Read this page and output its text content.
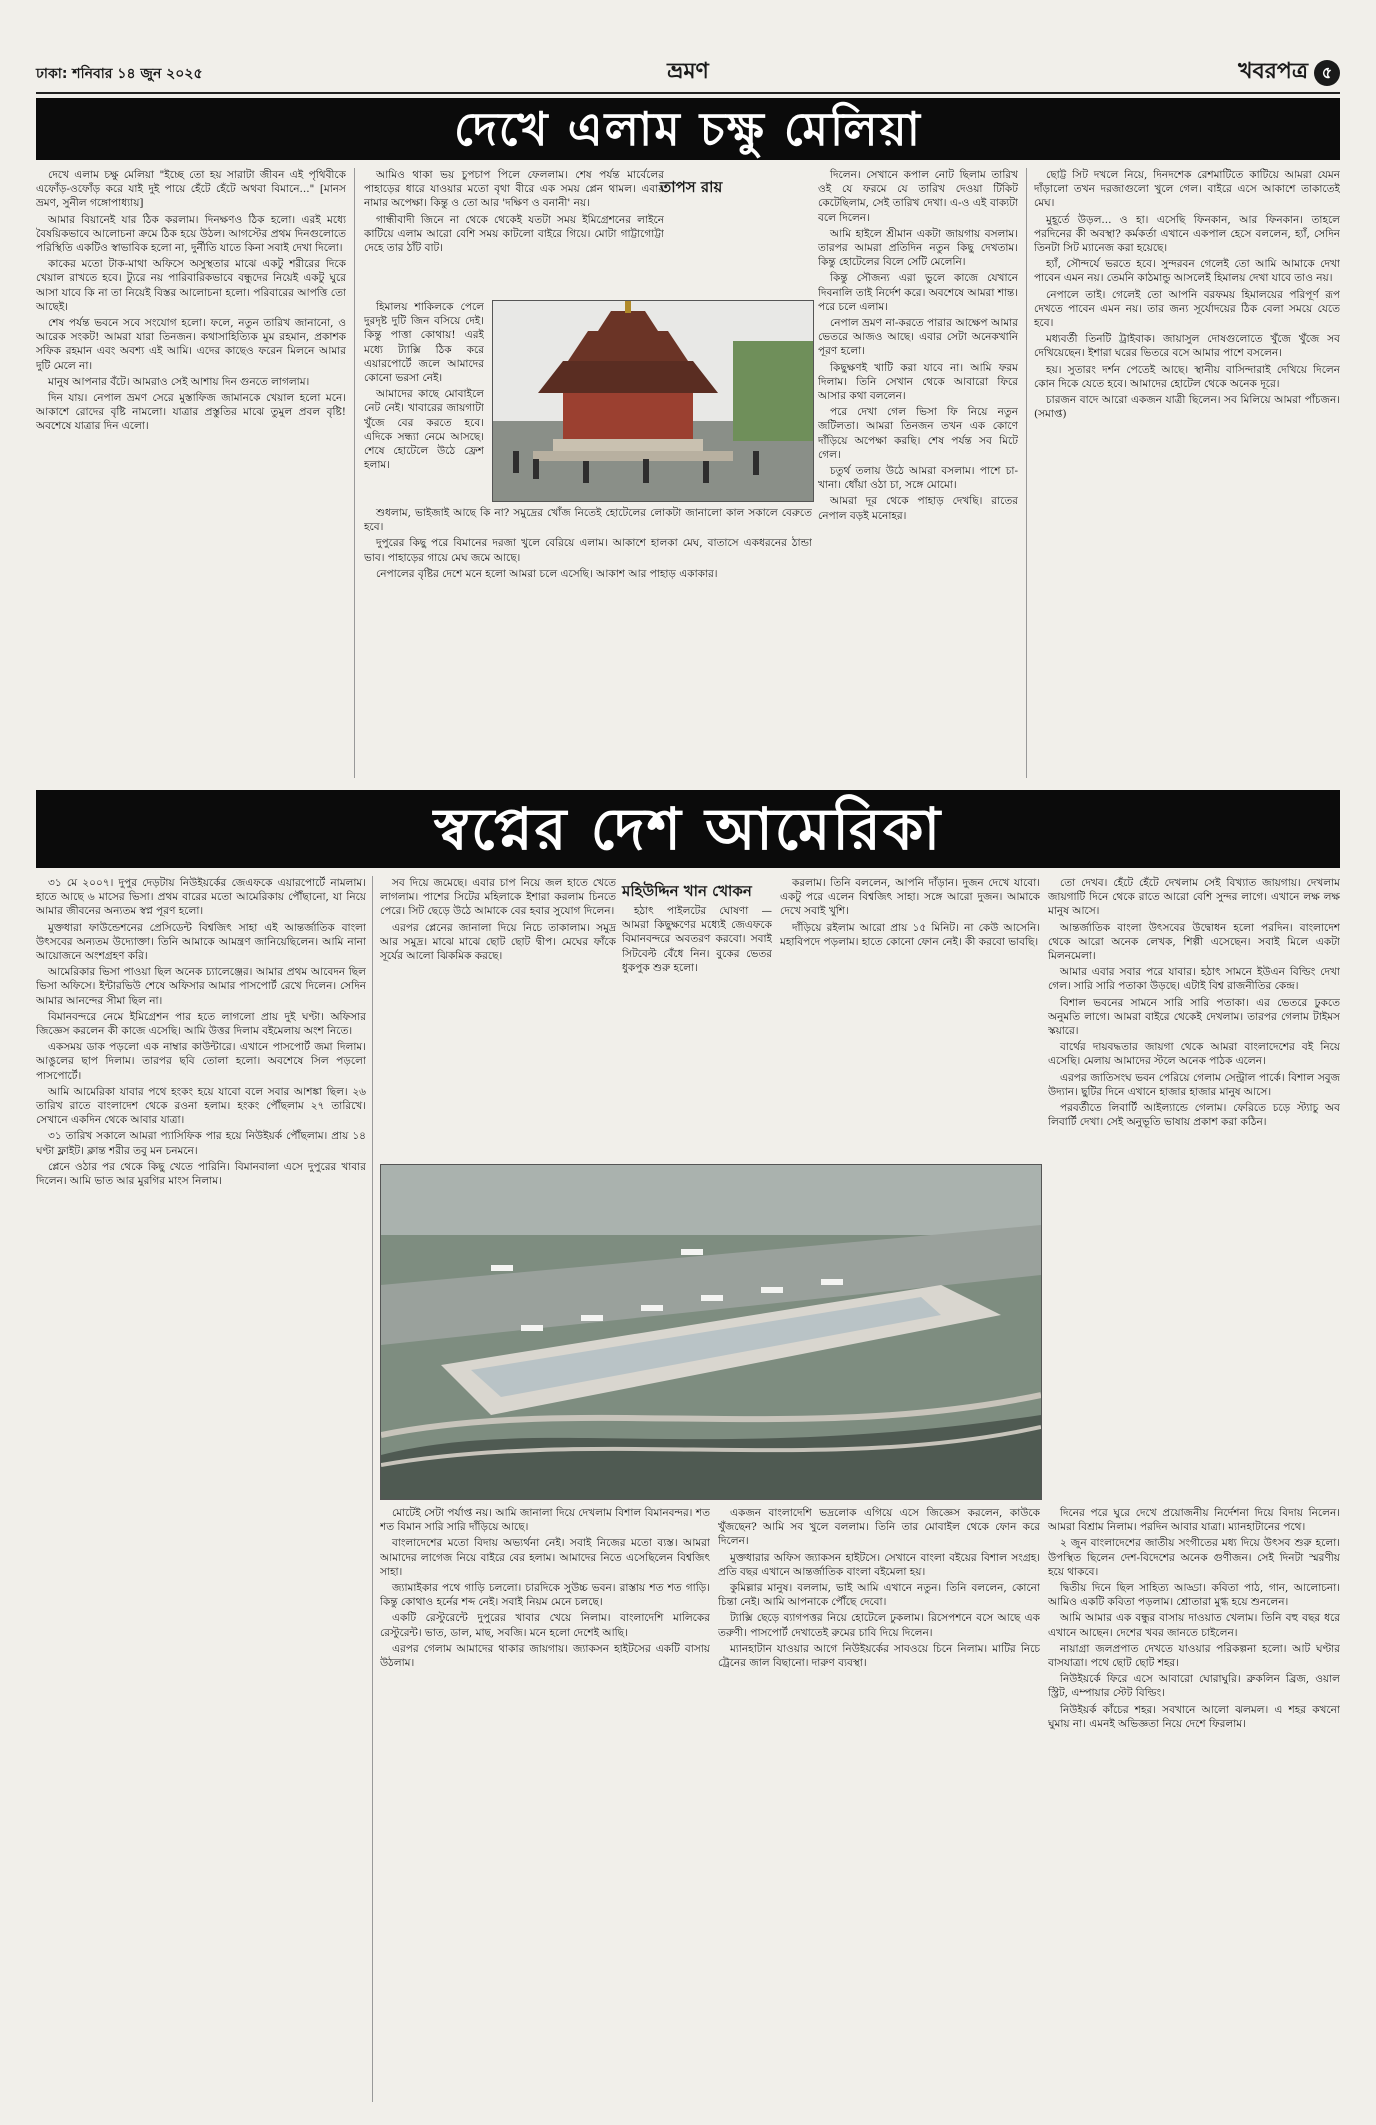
ঢাকা: শনিবার ১৪ জুন ২০২৫	ভ্রমণ	খবরপত্র ৫
দেখে এলাম চক্ষু মেলিয়া

দেখে এলাম চক্ষু মেলিয়া "ইচ্ছে তো হয় সারাটা জীবন এই পৃথিবীকে এফোঁড়-ওফোঁড় করে যাই দুই পায়ে হেঁটে হেঁটে অথবা বিমানে..." [মানস ভ্রমণ, সুনীল গঙ্গোপাধ্যায়]

আমার বিয়ানেই যার ঠিক করলাম। দিনক্ষণও ঠিক হলো। এরই মধ্যে বৈষয়িকভাবে আলোচনা ক্রমে ঠিক হয়ে উঠল। আগস্টের প্রথম দিনগুলোতে পরিস্থিতি একটিও স্বাভাবিক হলো না, দুর্নীতি যাতে কিনা সবাই দেখা দিলো।

কাকের মতো টাক-মাথা অফিসে অসুস্থতার মাঝে একটু শরীরের দিকে খেয়াল রাখতে হবে। ট্যুরে নয় পারিবারিকভাবে বন্ধুদের নিয়েই একটু ঘুরে আসা যাবে কি না তা নিয়েই বিস্তর আলোচনা হলো। পরিবারের আপত্তি তো আছেই।

শেষ পর্যন্ত ভবনে সবে সংযোগ হলো। ফলে, নতুন তারিখ জানানো, ও আরেক সংকট! আমরা যারা তিনজন। কথাসাহিত্যিক মুম রহমান, প্রকাশক সফিক রহমান এবং অবশ্য এই আমি। এদের কাছেও ফরেন মিলনে আমার দুটি মেলে না।

মানুষ আপনার বঁটে। আমরাও সেই আশায় দিন গুনতে লাগলাম।

দিন যায়। নেপাল ভ্রমণ সেরে মুস্তাফিজ জামানকে খেয়াল হলো মনে। আকাশে রোদের বৃষ্টি নামলো। যাত্রার প্রস্তুতির মাঝে তুমুল প্রবল বৃষ্টি! অবশেষে যাত্রার দিন এলো।

আমিও থাকা ভয় চুপচাপ পিলে ফেললাম। শেষ পর্যন্ত মার্বেলের পাহাড়ের ধারে যাওয়ার মতো বৃথা বীরে এক সময় প্লেন থামল। এবার নামার অপেক্ষা। কিন্তু ও তো আর 'দক্ষিণ ও বনানী' নয়।

গান্ধীবাদী জিনে না থেকে থেকেই যতটা সময় ইমিগ্রেশনের লাইনে কাটিয়ে এলাম আরো বেশি সময় কাটলো বাইরে গিয়ে। মোটা গাট্টাগোট্টা দেহে তার ঠাঁট বাট।

তাপস রায়

হিমালয় শাকিলকে পেলে দুরদৃষ্ট দুটি জিন বসিয়ে দেই। কিন্তু পাত্তা কোথায়! এরই মধ্যে ট্যাক্সি ঠিক করে এয়ারপোর্টে জলে আমাদের কোনো ভরসা নেই।

আমাদের কাছে মোবাইলে নেট নেই। খাবারের জায়গাটা খুঁজে বের করতে হবে। এদিকে সন্ধ্যা নেমে আসছে। শেষে হোটেলে উঠে ফ্রেশ হলাম।

শুধলাম, ভাইজাই আছে কি না? সমুদ্রের খোঁজ নিতেই হোটেলের লোকটা জানালো কাল সকালে বেরুতে হবে।

দুপুরের কিছু পরে বিমানের দরজা খুলে বেরিয়ে এলাম। আকাশে হালকা মেঘ, বাতাসে একধরনের ঠান্ডা ভাব। পাহাড়ের গায়ে মেঘ জমে আছে।

নেপালের বৃষ্টির দেশে মনে হলো আমরা চলে এসেছি। আকাশ আর পাহাড় একাকার।

দিলেন। সেখানে কপাল নোট ছিলাম তারিখ ওই যে ফরমে যে তারিখ দেওয়া টিকিট কেটেছিলাম, সেই তারিখ দেখা। এ-ও এই বাক্যটা বলে দিলেন।

আমি হাইলে শ্রীমান একটা জায়গায় বসলাম। তারপর আমরা প্রতিদিন নতুন কিছু দেখতাম। কিন্তু হোটেলের বিলে সেটি মেলেনি।

কিন্তু সৌজন্য এরা ভুলে কাজে যেখানে দিবনালি তাই নির্দেশ করে। অবশেষে আমরা শান্ত। পরে চলে এলাম।

নেপাল ভ্রমণ না-করতে পারার আক্ষেপ আমার ভেতরে আজও আছে। এবার সেটা অনেকখানি পূরণ হলো।

কিছুক্ষণই খাটি করা যাবে না। আমি ফরম দিলাম। তিনি সেখান থেকে আবারো ফিরে আসার কথা বললেন।

পরে দেখা গেল ভিসা ফি নিয়ে নতুন জটিলতা। আমরা তিনজন তখন এক কোণে দাঁড়িয়ে অপেক্ষা করছি। শেষ পর্যন্ত সব মিটে গেল।

চতুর্থ তলায় উঠে আমরা বসলাম। পাশে চা-খানা। ধোঁয়া ওঠা চা, সঙ্গে মোমো।

আমরা দূর থেকে পাহাড় দেখছি। রাতের নেপাল বড়ই মনোহর।

ছোট্ট সিট দখলে নিয়ে, দিনদশেক রেশমাটিতে কাটিয়ে আমরা যেমন দাঁড়ালো তখন দরজাগুলো খুলে গেল। বাইরে এসে আকাশে তাকাতেই মেঘ।

মুহূর্তে উড়ল... ও হা। এসেছি ফিনকান, আর ফিনকান। তাহলে পরদিনের কী অবস্থা? কর্মকর্তা এখানে একপাল হেসে বললেন, হ্যাঁ, সেদিন তিনটা সিট ম্যানেজ করা হয়েছে।

হ্যাঁ, সৌন্দর্যে ভরতে হবে। সুন্দরবন গেলেই তো আমি আমাকে দেখা পাবেন এমন নয়। তেমনি কাঠমান্ডু আসলেই হিমালয় দেখা যাবে তাও নয়।

নেপালে তাই। গেলেই তো আপনি বরফময় হিমালয়ের পরিপূর্ণ রূপ দেখতে পাবেন এমন নয়। তার জন্য সূর্যোদয়ের ঠিক বেলা সময়ে যেতে হবে।

মধ্যবর্তী তিনটি ট্রাইবাক। জায়াসুল দোষগুলোতে খুঁজে খুঁজে সব দেখিয়েছেন। ইশারা ঘরের ভিতরে বসে আমার পাশে বসলেন।

হয়। সুতারং দর্শন পেতেই আছে। স্থানীয় বাসিন্দারাই দেখিয়ে দিলেন কোন দিকে যেতে হবে। আমাদের হোটেল থেকে অনেক দূরে।

চারজন বাদে আরো একজন যাত্রী ছিলেন। সব মিলিয়ে আমরা পাঁচজন। (সমাপ্ত)

স্বপ্নের দেশ আমেরিকা

৩১ মে ২০০৭। দুপুর দেড়টায় নিউইয়র্কের জেএফকে এয়ারপোর্টে নামলাম। হাতে আছে ৬ মাসের ভিসা। প্রথম বারের মতো আমেরিকায় পৌঁছানো, যা নিয়ে আমার জীবনের অন্যতম স্বপ্ন পূরণ হলো।

মুক্তধারা ফাউন্ডেশনের প্রেসিডেন্ট বিশ্বজিৎ সাহা এই আন্তর্জাতিক বাংলা উৎসবের অন্যতম উদ্যোক্তা। তিনি আমাকে আমন্ত্রণ জানিয়েছিলেন। আমি নানা আয়োজনে অংশগ্রহণ করি।

আমেরিকার ভিসা পাওয়া ছিল অনেক চ্যালেঞ্জের। আমার প্রথম আবেদন ছিল ভিসা অফিসে। ইন্টারভিউ শেষে অফিসার আমার পাসপোর্ট রেখে দিলেন। সেদিন আমার আনন্দের সীমা ছিল না।

বিমানবন্দরে নেমে ইমিগ্রেশন পার হতে লাগলো প্রায় দুই ঘণ্টা। অফিসার জিজ্ঞেস করলেন কী কাজে এসেছি। আমি উত্তর দিলাম বইমেলায় অংশ নিতে।

একসময় ডাক পড়লো এক নাম্বার কাউন্টারে। এখানে পাসপোর্ট জমা দিলাম। আঙুলের ছাপ দিলাম। তারপর ছবি তোলা হলো। অবশেষে সিল পড়লো পাসপোর্টে।

আমি আমেরিকা যাবার পথে হংকং হয়ে যাবো বলে সবার আশঙ্কা ছিল। ২৬ তারিখ রাতে বাংলাদেশ থেকে রওনা হলাম। হংকং পৌঁছলাম ২৭ তারিখে। সেখানে একদিন থেকে আবার যাত্রা।

৩১ তারিখ সকালে আমরা প্যাসিফিক পার হয়ে নিউইয়র্ক পৌঁছলাম। প্রায় ১৪ ঘণ্টা ফ্লাইট। ক্লান্ত শরীর তবু মন চনমনে।

প্লেনে ওঠার পর থেকে কিছু খেতে পারিনি। বিমানবালা এসে দুপুরের খাবার দিলেন। আমি ভাত আর মুরগির মাংস নিলাম।

সব দিয়ে জমেছে। এবার চাপ নিয়ে জল হাতে খেতে লাগলাম। পাশের সিটের মহিলাকে ইশারা করলাম চিনতে পেরে। সিট ছেড়ে উঠে আমাকে বের হবার সুযোগ দিলেন।

এরপর প্লেনের জানালা দিয়ে নিচে তাকালাম। সমুদ্র আর সমুদ্র। মাঝে মাঝে ছোট ছোট দ্বীপ। মেঘের ফাঁকে সূর্যের আলো ঝিকমিক করছে।

মহিউদ্দিন খান খোকন

হঠাৎ পাইলটের ঘোষণা — আমরা কিছুক্ষণের মধ্যেই জেএফকে বিমানবন্দরে অবতরণ করবো। সবাই সিটবেল্ট বেঁধে নিন। বুকের ভেতর ধুকপুক শুরু হলো।

করলাম। তিনি বললেন, আপনি দাঁড়ান। দুজন দেখে যাবো। একটু পরে এলেন বিশ্বজিৎ সাহা। সঙ্গে আরো দুজন। আমাকে দেখে সবাই খুশি।

দাঁড়িয়ে রইলাম আরো প্রায় ১৫ মিনিট। না কেউ আসেনি। মহাবিপদে পড়লাম। হাতে কোনো ফোন নেই। কী করবো ভাবছি।

তো দেখব। হেঁটে হেঁটে দেখলাম সেই বিখ্যাত জায়গায়। দেখলাম জায়গাটি দিনে থেকে রাতে আরো বেশি সুন্দর লাগে। এখানে লক্ষ লক্ষ মানুষ আসে।

আন্তর্জাতিক বাংলা উৎসবের উদ্বোধন হলো পরদিন। বাংলাদেশ থেকে আরো অনেক লেখক, শিল্পী এসেছেন। সবাই মিলে একটা মিলনমেলা।

আমার এবার সবার পরে যাবার। হঠাৎ সামনে ইউএন বিল্ডিং দেখা গেল। সারি সারি পতাকা উড়ছে। এটাই বিশ্ব রাজনীতির কেন্দ্র।

বিশাল ভবনের সামনে সারি সারি পতাকা। এর ভেতরে ঢুকতে অনুমতি লাগে। আমরা বাইরে থেকেই দেখলাম। তারপর গেলাম টাইমস স্কয়ারে।

বার্থের দায়বদ্ধতার জায়গা থেকে আমরা বাংলাদেশের বই নিয়ে এসেছি। মেলায় আমাদের স্টলে অনেক পাঠক এলেন।

এরপর জাতিসংঘ ভবন পেরিয়ে গেলাম সেন্ট্রাল পার্কে। বিশাল সবুজ উদ্যান। ছুটির দিনে এখানে হাজার হাজার মানুষ আসে।

পরবর্তীতে লিবার্টি আইল্যান্ডে গেলাম। ফেরিতে চড়ে স্ট্যাচু অব লিবার্টি দেখা। সেই অনুভূতি ভাষায় প্রকাশ করা কঠিন।

মোটেই সেটা পর্যাপ্ত নয়। আমি জানালা দিয়ে দেখলাম বিশাল বিমানবন্দর। শত শত বিমান সারি সারি দাঁড়িয়ে আছে।

বাংলাদেশের মতো বিদায় অভ্যর্থনা নেই। সবাই নিজের মতো ব্যস্ত। আমরা আমাদের লাগেজ নিয়ে বাইরে বের হলাম। আমাদের নিতে এসেছিলেন বিশ্বজিৎ সাহা।

জ্যামাইকার পথে গাড়ি চললো। চারদিকে সুউচ্চ ভবন। রাস্তায় শত শত গাড়ি। কিন্তু কোথাও হর্নের শব্দ নেই। সবাই নিয়ম মেনে চলছে।

একটি রেস্টুরেন্টে দুপুরের খাবার খেয়ে নিলাম। বাংলাদেশি মালিকের রেস্টুরেন্ট। ভাত, ডাল, মাছ, সবজি। মনে হলো দেশেই আছি।

এরপর গেলাম আমাদের থাকার জায়গায়। জ্যাকসন হাইটসের একটি বাসায় উঠলাম।

একজন বাংলাদেশি ভদ্রলোক এগিয়ে এসে জিজ্ঞেস করলেন, কাউকে খুঁজছেন? আমি সব খুলে বললাম। তিনি তার মোবাইল থেকে ফোন করে দিলেন।

মুক্তধারার অফিস জ্যাকসন হাইটসে। সেখানে বাংলা বইয়ের বিশাল সংগ্রহ। প্রতি বছর এখানে আন্তর্জাতিক বাংলা বইমেলা হয়।

কুমিল্লার মানুষ। বললাম, ভাই আমি এখানে নতুন। তিনি বললেন, কোনো চিন্তা নেই। আমি আপনাকে পৌঁছে দেবো।

ট্যাক্সি ছেড়ে ব্যাগপত্তর নিয়ে হোটেলে ঢুকলাম। রিসেপশনে বসে আছে এক তরুণী। পাসপোর্ট দেখাতেই রুমের চাবি দিয়ে দিলেন।

ম্যানহাটান যাওয়ার আগে নিউইয়র্কের সাবওয়ে চিনে নিলাম। মাটির নিচে ট্রেনের জাল বিছানো। দারুণ ব্যবস্থা।

দিনের পরে ঘুরে দেখে প্রয়োজনীয় নির্দেশনা দিয়ে বিদায় নিলেন। আমরা বিশ্রাম নিলাম। পরদিন আবার যাত্রা। ম্যানহাটানের পথে।

২ জুন বাংলাদেশের জাতীয় সংগীতের মধ্য দিয়ে উৎসব শুরু হলো। উপস্থিত ছিলেন দেশ-বিদেশের অনেক গুণীজন। সেই দিনটা স্মরণীয় হয়ে থাকবে।

দ্বিতীয় দিনে ছিল সাহিত্য আড্ডা। কবিতা পাঠ, গান, আলোচনা। আমিও একটি কবিতা পড়লাম। শ্রোতারা মুগ্ধ হয়ে শুনলেন।

আমি আমার এক বন্ধুর বাসায় দাওয়াত খেলাম। তিনি বহু বছর ধরে এখানে আছেন। দেশের খবর জানতে চাইলেন।

নায়াগ্রা জলপ্রপাত দেখতে যাওয়ার পরিকল্পনা হলো। আট ঘণ্টার বাসযাত্রা। পথে ছোট ছোট শহর।

নিউইয়র্কে ফিরে এসে আবারো ঘোরাঘুরি। ব্রুকলিন ব্রিজ, ওয়াল স্ট্রিট, এম্পায়ার স্টেট বিল্ডিং।

নিউইয়র্ক কাঁচের শহর। সবখানে আলো ঝলমল। এ শহর কখনো ঘুমায় না। এমনই অভিজ্ঞতা নিয়ে দেশে ফিরলাম।
